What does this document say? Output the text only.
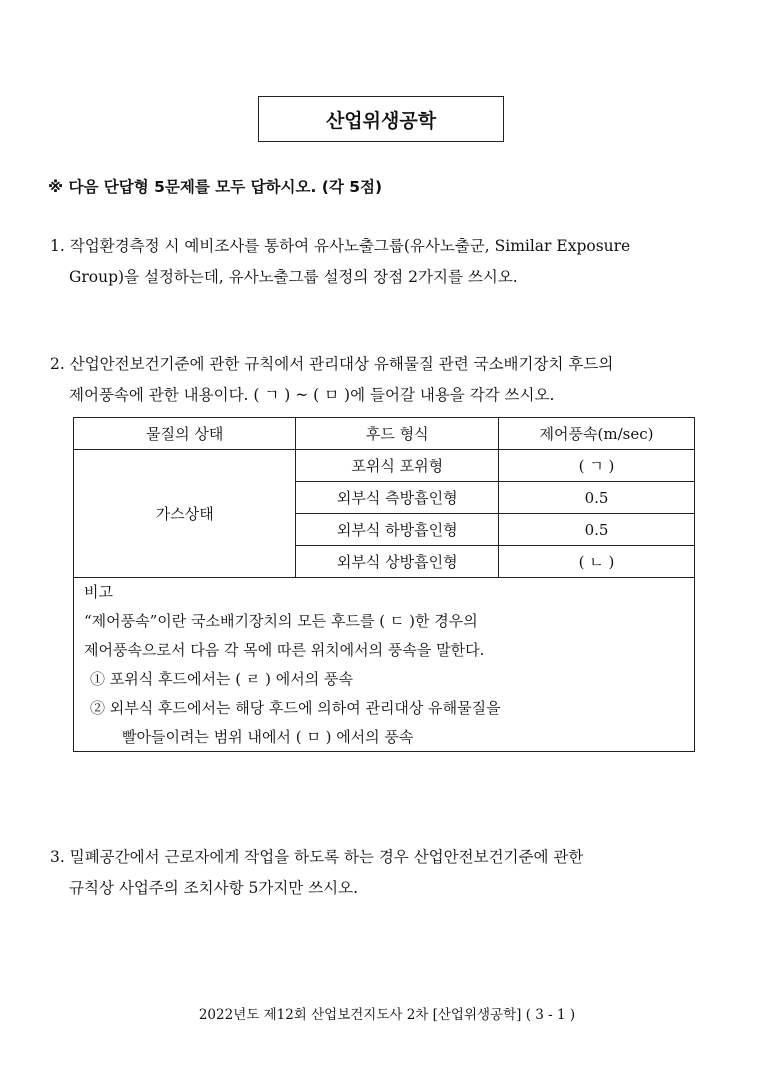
산업위생공학
※ 다음 단답형 5문제를 모두 답하시오. (각 5점)
1. 작업환경측정 시 예비조사를 통하여 유사노출그룹(유사노출군, Similar Exposure
Group)을 설정하는데, 유사노출그룹 설정의 장점 2가지를 쓰시오.
2. 산업안전보건기준에 관한 규칙에서 관리대상 유해물질 관련 국소배기장치 후드의
제어풍속에 관한 내용이다. ( ㄱ ) ~ ( ㅁ )에 들어갈 내용을 각각 쓰시오.
물질의 상태	후드 형식	제어풍속(m/sec)
가스상태	포위식 포위형	( ㄱ )
	외부식 측방흡인형	0.5
	외부식 하방흡인형	0.5
	외부식 상방흡인형	( ㄴ )
비고
“제어풍속”이란 국소배기장치의 모든 후드를 ( ㄷ )한 경우의
제어풍속으로서 다음 각 목에 따른 위치에서의 풍속을 말한다.
① 포위식 후드에서는 ( ㄹ ) 에서의 풍속
② 외부식 후드에서는 해당 후드에 의하여 관리대상 유해물질을
빨아들이려는 범위 내에서 ( ㅁ ) 에서의 풍속
3. 밀폐공간에서 근로자에게 작업을 하도록 하는 경우 산업안전보건기준에 관한
규칙상 사업주의 조치사항 5가지만 쓰시오.
2022년도 제12회 산업보건지도사 2차 [산업위생공학] ( 3 - 1 )
